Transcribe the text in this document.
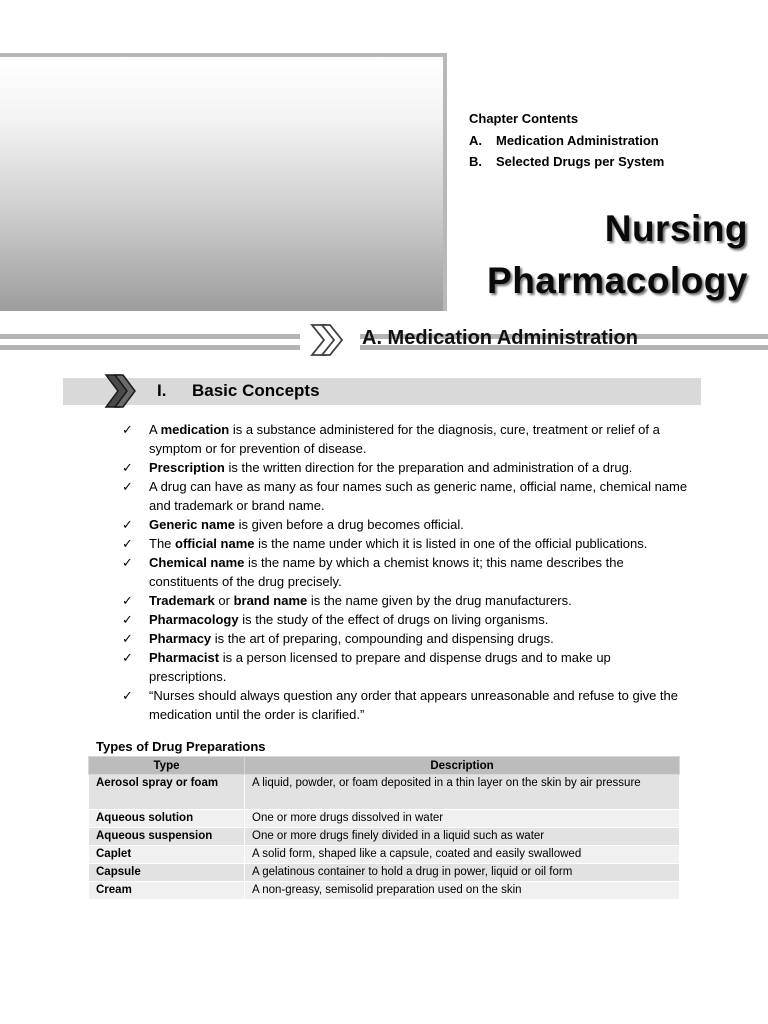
Nursing
Pharmacology
Chapter Contents
A.	Medication Administration
B.	Selected Drugs per System
A. Medication Administration
I. Basic Concepts
✓ A medication is a substance administered for the diagnosis, cure, treatment or relief of a symptom or for prevention of disease.
✓ Prescription is the written direction for the preparation and administration of a drug.
✓ A drug can have as many as four names such as generic name, official name, chemical name and trademark or brand name.
✓ Generic name is given before a drug becomes official.
✓ The official name is the name under which it is listed in one of the official publications.
✓ Chemical name is the name by which a chemist knows it; this name describes the constituents of the drug precisely.
✓ Trademark or brand name is the name given by the drug manufacturers.
✓ Pharmacology is the study of the effect of drugs on living organisms.
✓ Pharmacy is the art of preparing, compounding and dispensing drugs.
✓ Pharmacist is a person licensed to prepare and dispense drugs and to make up prescriptions.
✓ “Nurses should always question any order that appears unreasonable and refuse to give the medication until the order is clarified.”
Types of Drug Preparations
Type	Description
Aerosol spray or foam	A liquid, powder, or foam deposited in a thin layer on the skin by air pressure
Aqueous solution	One or more drugs dissolved in water
Aqueous suspension	One or more drugs finely divided in a liquid such as water
Caplet	A solid form, shaped like a capsule, coated and easily swallowed
Capsule	A gelatinous container to hold a drug in power, liquid or oil form
Cream	A non-greasy, semisolid preparation used on the skin
